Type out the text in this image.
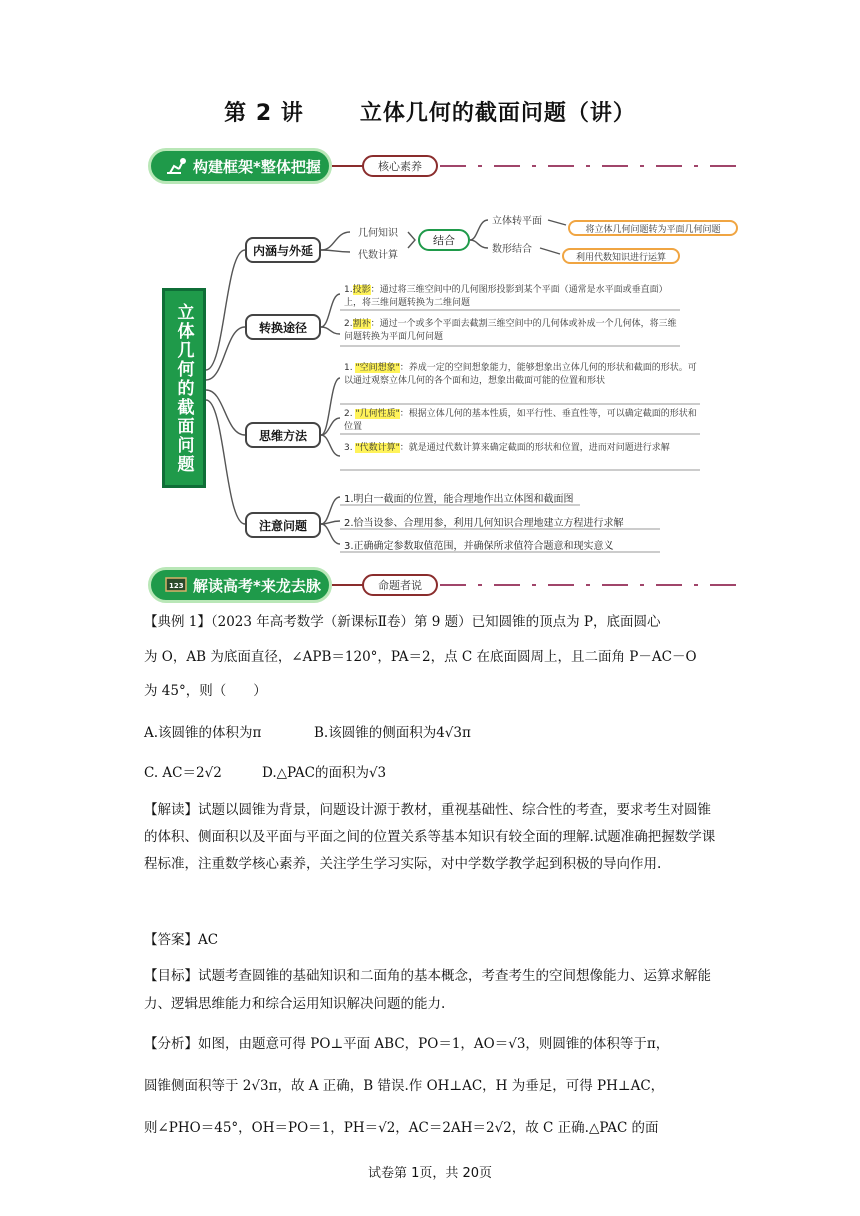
第 2 讲	立体几何的截面问题（讲）
构建框架*整体把握	核心素养
立体几何的截面问题
内涵与外延
几何知识
代数计算
结合
立体转平面
数形结合
将立体几何问题转为平面几何问题
利用代数知识进行运算
转换途径
1.投影：通过将三维空间中的几何图形投影到某个平面（通常是水平面或垂直面）上，将三维问题转换为二维问题
2.割补：通过一个或多个平面去截割三维空间中的几何体或补成一个几何体，将三维问题转换为平面几何问题
思维方法
1. "空间想象"：养成一定的空间想象能力，能够想象出立体几何的形状和截面的形状。可以通过观察立体几何的各个面和边，想象出截面可能的位置和形状
2. "几何性质"：根据立体几何的基本性质，如平行性、垂直性等，可以确定截面的形状和位置
3. "代数计算"：就是通过代数计算来确定截面的形状和位置，进而对问题进行求解
注意问题
1.明白一截面的位置，能合理地作出立体图和截面图
2.恰当设参、合理用参，利用几何知识合理地建立方程进行求解
3.正确确定参数取值范围，并确保所求值符合题意和现实意义
123 解读高考*来龙去脉	命题者说
【典例 1】（2023 年高考数学（新课标Ⅱ卷）第 9 题）已知圆锥的顶点为 P，底面圆心
为 O，AB 为底面直径，∠APB＝120°，PA＝2，点 C 在底面圆周上，且二面角 P－AC－O
为 45°，则（　　）
A.该圆锥的体积为π	B.该圆锥的侧面积为4√3π
C. AC＝2√2	D.△PAC的面积为√3
【解读】试题以圆锥为背景，问题设计源于教材，重视基础性、综合性的考查，要求考生对圆锥的体积、侧面积以及平面与平面之间的位置关系等基本知识有较全面的理解.试题准确把握数学课程标准，注重数学核心素养，关注学生学习实际，对中学数学教学起到积极的导向作用.
【答案】AC
【目标】试题考查圆锥的基础知识和二面角的基本概念，考查考生的空间想像能力、运算求解能力、逻辑思维能力和综合运用知识解决问题的能力.
【分析】如图，由题意可得 PO⊥平面 ABC，PO＝1，AO＝√3，则圆锥的体积等于π，
圆锥侧面积等于 2√3π，故 A 正确，B 错误.作 OH⊥AC，H 为垂足，可得 PH⊥AC，
则∠PHO＝45°，OH＝PO＝1，PH＝√2，AC＝2AH＝2√2，故 C 正确.△PAC 的面
试卷第 1页，共 20页
